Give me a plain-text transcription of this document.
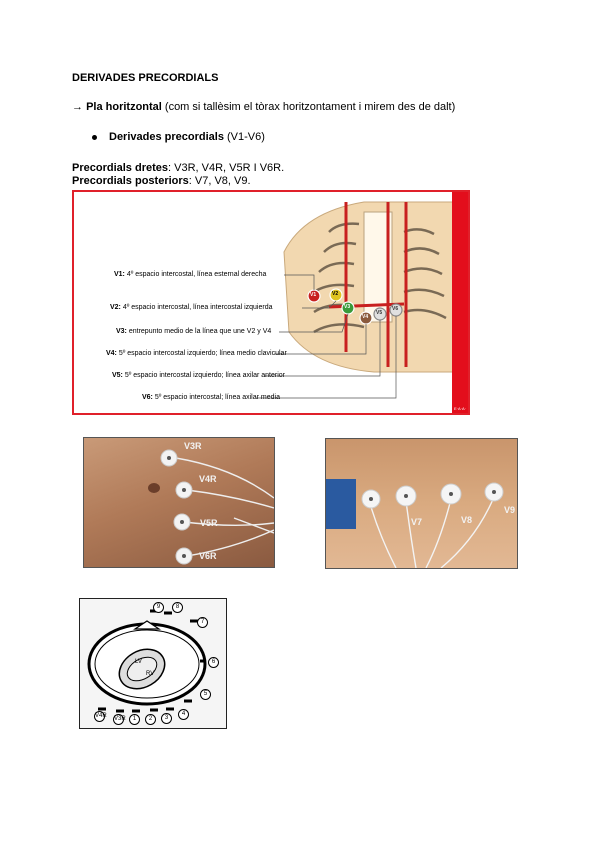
DERIVADES PRECORDIALS
→ Pla horitzontal (com si tallèsim el tòrax horitzontament i mirem des de dalt)
Derivades precordials (V1-V6)
Precordials dretes: V3R, V4R, V5R I V6R.
Precordials posteriors: V7, V8, V9.
V1: 4º espacio intercostal, línea esternal derecha
V2: 4º espacio intercostal, línea intercostal izquierda
V3: entrepunto medio de la línea que une V2 y V4
V4: 5º espacio intercostal izquierdo; línea medio clavicular
V5: 5º espacio intercostal izquierdo; línea axilar anterior
V6: 5º espacio intercostal; línea axilar media
V1	V2
V3
V4
V5
V6
E·A·A·
V3R
V4R
V5R
V6R
V7	V8
V9
LV
RV
V4R V3R	1	2	3
4
5
6
7
8
9
